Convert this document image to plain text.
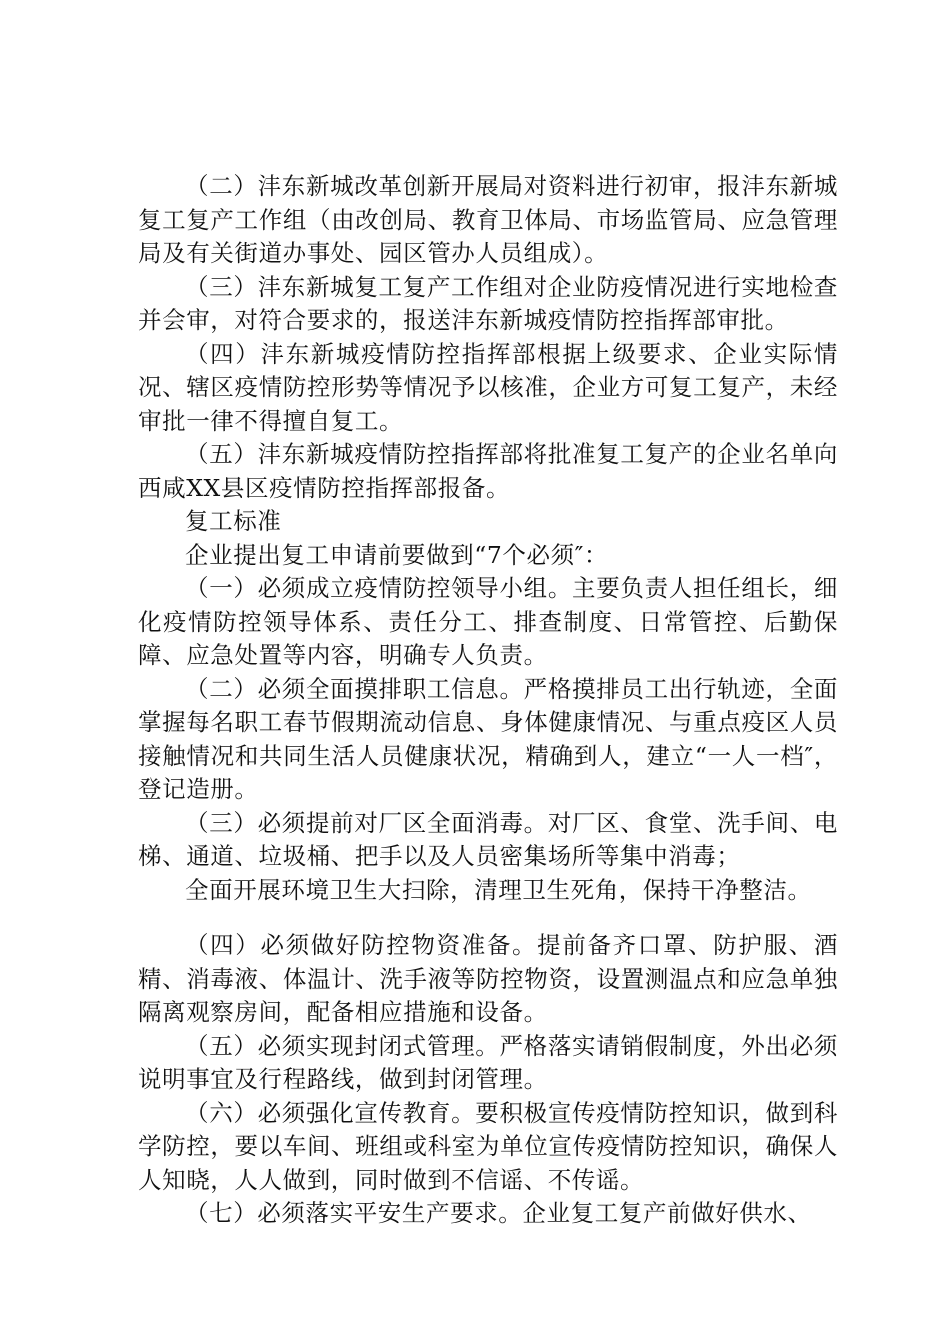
（二）沣东新城改革创新开展局对资料进行初审，报沣东新城复工复产工作组（由改创局、教育卫体局、市场监管局、应急管理局及有关街道办事处、园区管办人员组成）。

（三）沣东新城复工复产工作组对企业防疫情况进行实地检查并会审，对符合要求的，报送沣东新城疫情防控指挥部审批。

（四）沣东新城疫情防控指挥部根据上级要求、企业实际情况、辖区疫情防控形势等情况予以核准，企业方可复工复产，未经审批一律不得擅自复工。

（五）沣东新城疫情防控指挥部将批准复工复产的企业名单向西咸XX县区疫情防控指挥部报备。

复工标准

企业提出复工申请前要做到“7个必须″：

（一）必须成立疫情防控领导小组。主要负责人担任组长，细化疫情防控领导体系、责任分工、排查制度、日常管控、后勤保障、应急处置等内容，明确专人负责。

（二）必须全面摸排职工信息。严格摸排员工出行轨迹，全面掌握每名职工春节假期流动信息、身体健康情况、与重点疫区人员接触情况和共同生活人员健康状况，精确到人，建立“一人一档″，登记造册。

（三）必须提前对厂区全面消毒。对厂区、食堂、洗手间、电梯、通道、垃圾桶、把手以及人员密集场所等集中消毒；

全面开展环境卫生大扫除，清理卫生死角，保持干净整洁。

（四）必须做好防控物资准备。提前备齐口罩、防护服、酒精、消毒液、体温计、洗手液等防控物资，设置测温点和应急单独隔离观察房间，配备相应措施和设备。

（五）必须实现封闭式管理。严格落实请销假制度，外出必须说明事宜及行程路线，做到封闭管理。

（六）必须强化宣传教育。要积极宣传疫情防控知识，做到科学防控，要以车间、班组或科室为单位宣传疫情防控知识，确保人人知晓，人人做到，同时做到不信谣、不传谣。

（七）必须落实平安生产要求。企业复工复产前做好供水、
